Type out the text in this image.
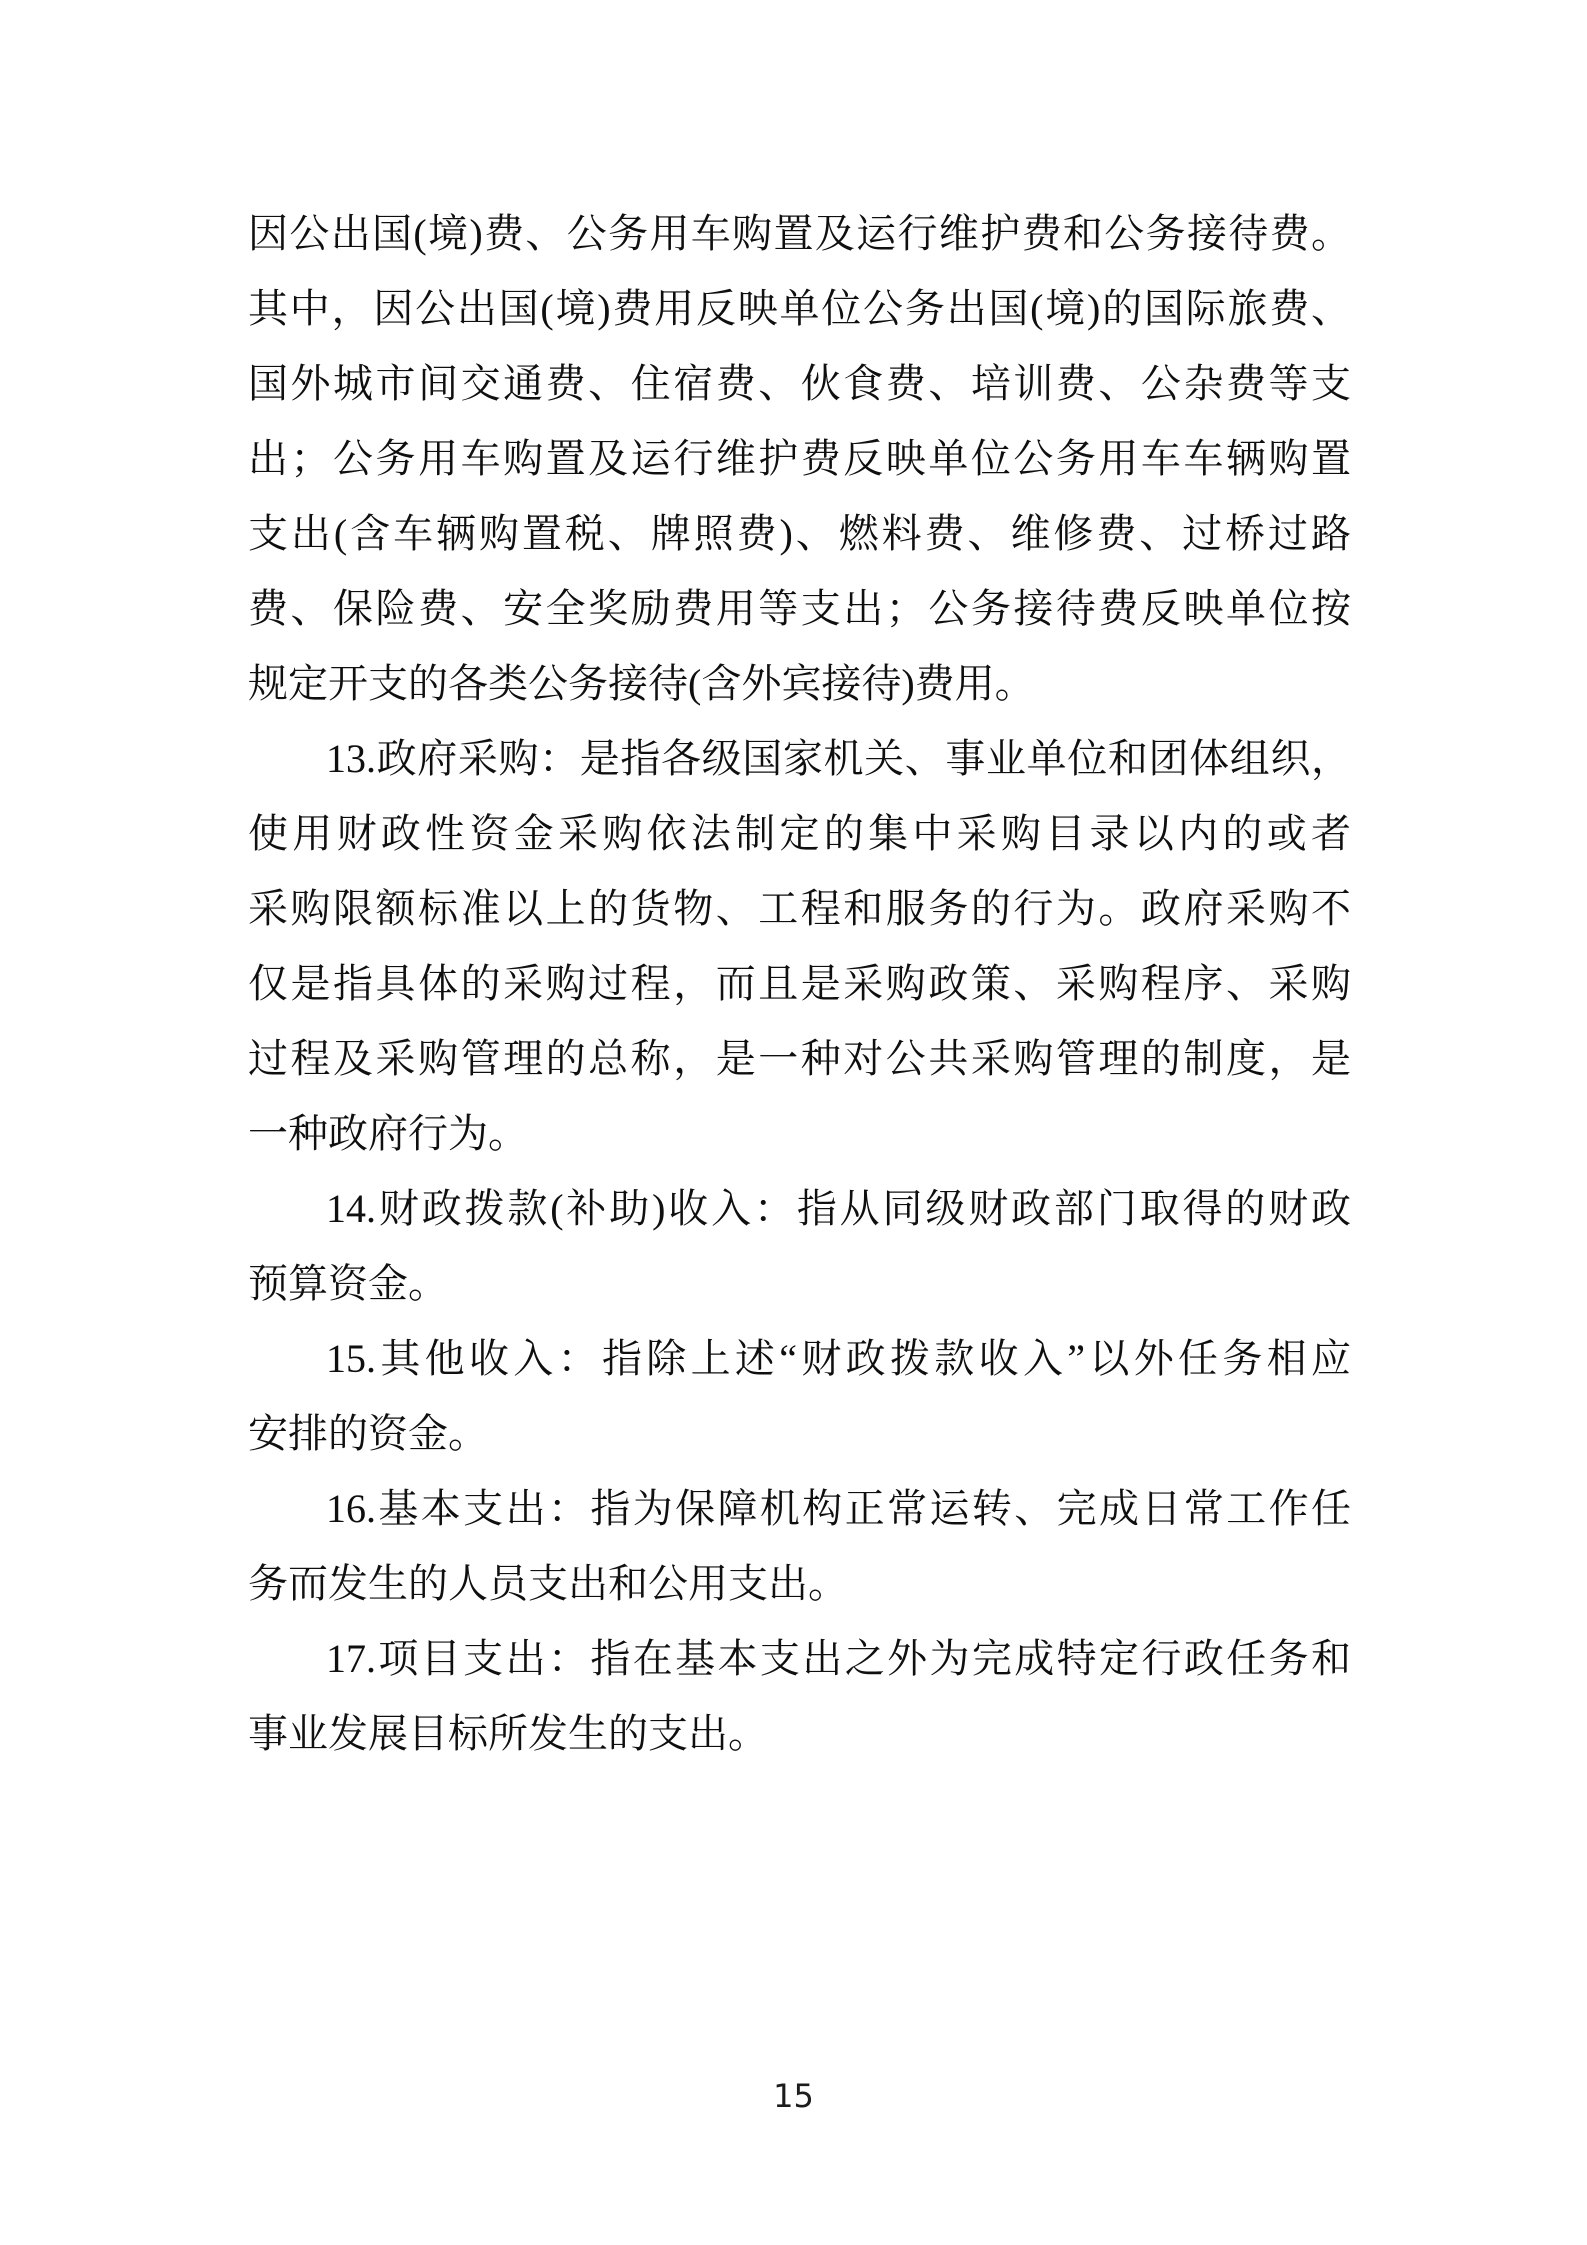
因公出国(境)费、公务用车购置及运行维护费和公务接待费。
其中，因公出国(境)费用反映单位公务出国(境)的国际旅费、
国外城市间交通费、住宿费、伙食费、培训费、公杂费等支
出；公务用车购置及运行维护费反映单位公务用车车辆购置
支出(含车辆购置税、牌照费)、燃料费、维修费、过桥过路
费、保险费、安全奖励费用等支出；公务接待费反映单位按
规定开支的各类公务接待(含外宾接待)费用。
13.政府采购：是指各级国家机关、事业单位和团体组织，
使用财政性资金采购依法制定的集中采购目录以内的或者
采购限额标准以上的货物、工程和服务的行为。政府采购不
仅是指具体的采购过程，而且是采购政策、采购程序、采购
过程及采购管理的总称，是一种对公共采购管理的制度，是
一种政府行为。
14.财政拨款(补助)收入：指从同级财政部门取得的财政
预算资金。
15.其他收入：指除上述“财政拨款收入”以外任务相应
安排的资金。
16.基本支出：指为保障机构正常运转、完成日常工作任
务而发生的人员支出和公用支出。
17.项目支出：指在基本支出之外为完成特定行政任务和
事业发展目标所发生的支出。
15
